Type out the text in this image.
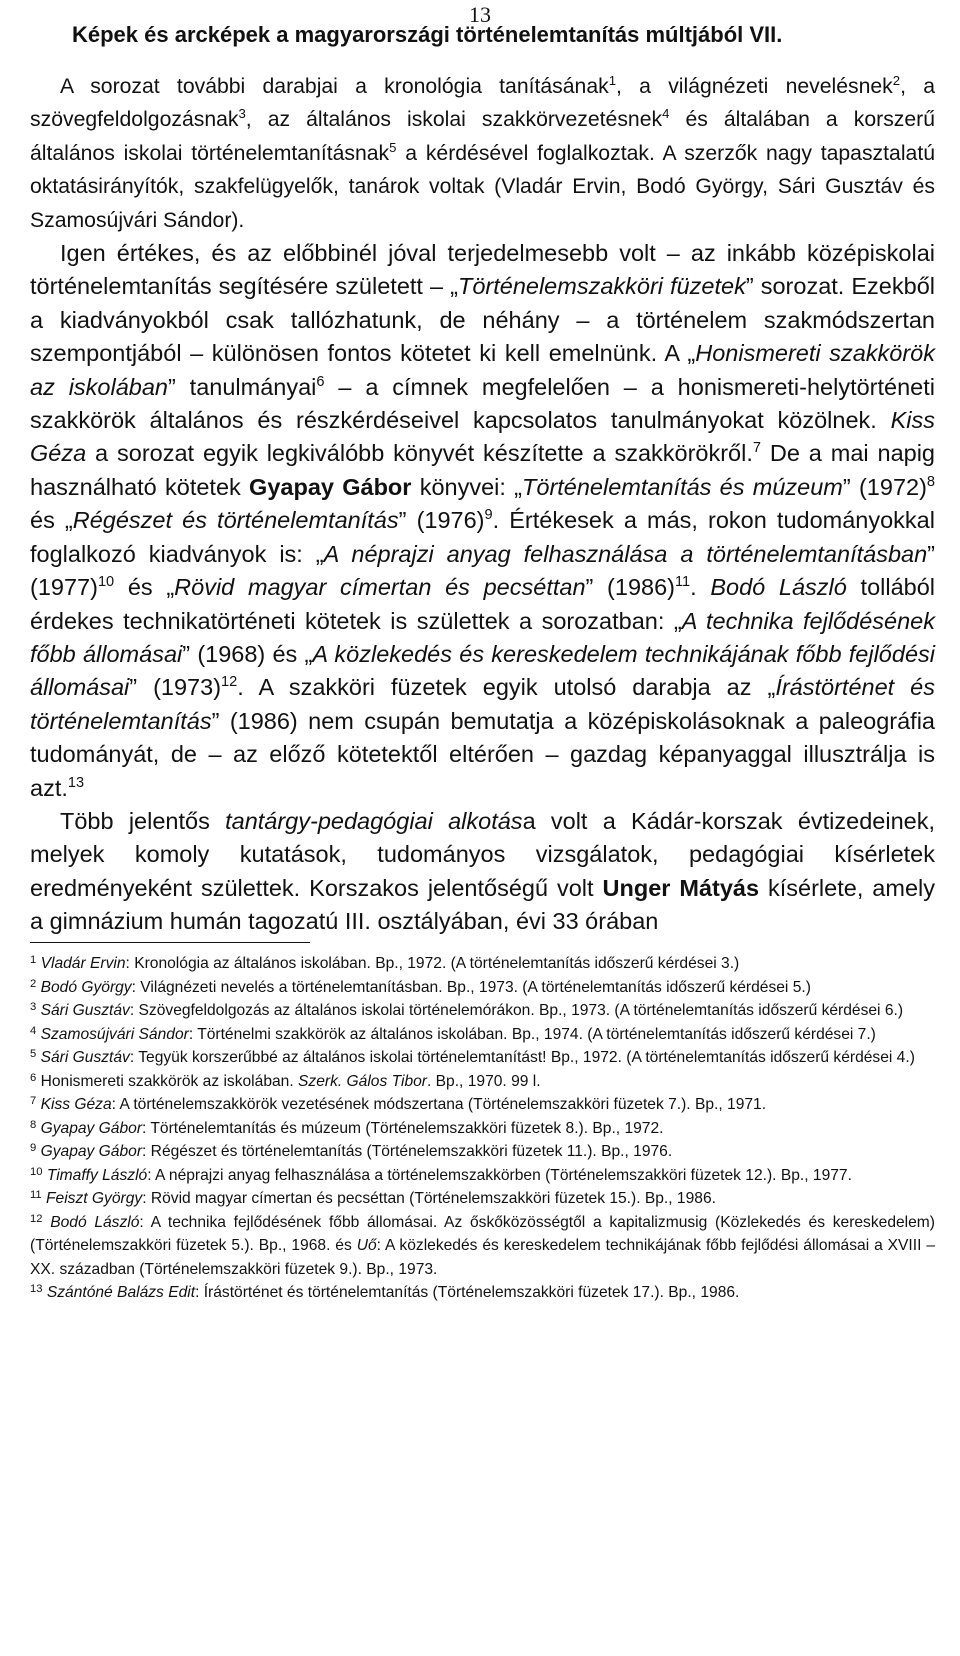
13
Képek és arcképek a magyarországi történelemtanítás múltjából VII.

A sorozat további darabjai a kronológia tanításának$^1$, a világnézeti nevelésnek$^2$, a szövegfeldolgozásnak$^3$, az általános iskolai szakkörvezetésnek$^4$ és általában a korszerű általános iskolai történelemtanításnak$^5$ a kérdésével foglalkoztak. A szerzők nagy tapasztalatú oktatásirányítók, szakfelügyelők, tanárok voltak (Vladár Ervin, Bodó György, Sári Gusztáv és Szamosújvári Sándor).

Igen értékes, és az előbbinél jóval terjedelmesebb volt – az inkább középiskolai történelemtanítás segítésére született – „Történelemszakköri füzetek” sorozat. Ezekből a kiadványokból csak tallózhatunk, de néhány – a történelem szakmódszertan szempontjából – különösen fontos kötetet ki kell emelnünk. A „Honismereti szakkörök az iskolában” tanulmányai$^6$ – a címnek megfelelően – a honismereti-helytörténeti szakkörök általános és részkérdéseivel kapcsolatos tanulmányokat közölnek. Kiss Géza a sorozat egyik legkiválóbb könyvét készítette a szakkörökről.$^7$ De a mai napig használható kötetek Gyapay Gábor könyvei: „Történelemtanítás és múzeum” $(1972)^8$ és „Régészet és történelemtanítás” $(1976)^9$. Értékesek a más, rokon tudományokkal foglalkozó kiadványok is: „A néprajzi anyag felhasználása a történelemtanításban” $(1977)^{10}$ és „Rövid magyar címertan és pecséttan” $(1986)^{11}$. Bodó László tollából érdekes technikatörténeti kötetek is születtek a sorozatban: „A technika fejlődésének főbb állomásai” (1968) és „A közlekedés és kereskedelem technikájának főbb fejlődési állomásai” $(1973)^{12}$. A szakköri füzetek egyik utolsó darabja az „Írástörténet és történelemtanítás” (1986) nem csupán bemutatja a középiskolásoknak a paleográfia tudományát, de – az előző kötetektől eltérően – gazdag képanyaggal illusztrálja is azt.$^{13}$

Több jelentős tantárgy-pedagógiai alkotása volt a Kádár-korszak évtizedeinek, melyek komoly kutatások, tudományos vizsgálatok, pedagógiai kísérletek eredményeként születtek. Korszakos jelentőségű volt Unger Mátyás kísérlete, amely a gimnázium humán tagozatú III. osztályában, évi 33 órában

$^1$ Vladár Ervin: Kronológia az általános iskolában. Bp., 1972. (A történelemtanítás időszerű kérdései 3.)

$^2$ Bodó György: Világnézeti nevelés a történelemtanításban. Bp., 1973. (A történelemtanítás időszerű kérdései 5.)

$^3$ Sári Gusztáv: Szövegfeldolgozás az általános iskolai történelemórákon. Bp., 1973. (A történelemtanítás időszerű kérdései 6.)

$^4$ Szamosújvári Sándor: Történelmi szakkörök az általános iskolában. Bp., 1974. (A történelemtanítás időszerű kérdései 7.)

$^5$ Sári Gusztáv: Tegyük korszerűbbé az általános iskolai történelemtanítást! Bp., 1972. (A történelemtanítás időszerű kérdései 4.)

$^6$ Honismereti szakkörök az iskolában. Szerk. Gálos Tibor. Bp., 1970. 99 l.

$^7$ Kiss Géza: A történelemszakkörök vezetésének módszertana (Történelemszakköri füzetek 7.). Bp., 1971.

$^8$ Gyapay Gábor: Történelemtanítás és múzeum (Történelemszakköri füzetek 8.). Bp., 1972.

$^9$ Gyapay Gábor: Régészet és történelemtanítás (Történelemszakköri füzetek 11.). Bp., 1976.

$^{10}$ Timaffy László: A néprajzi anyag felhasználása a történelemszakkörben (Történelemszakköri füzetek 12.). Bp., 1977.

$^{11}$ Feiszt György: Rövid magyar címertan és pecséttan (Történelemszakköri füzetek 15.). Bp., 1986.

$^{12}$ Bodó László: A technika fejlődésének főbb állomásai. Az őskőközösségtől a kapitalizmusig (Közlekedés és kereskedelem) (Történelemszakköri füzetek 5.). Bp., 1968. és Uő: A közlekedés és kereskedelem technikájának főbb fejlődési állomásai a XVIII – XX. században (Történelemszakköri füzetek 9.). Bp., 1973.

$^{13}$ Szántóné Balázs Edit: Írástörténet és történelemtanítás (Történelemszakköri füzetek 17.). Bp., 1986.
